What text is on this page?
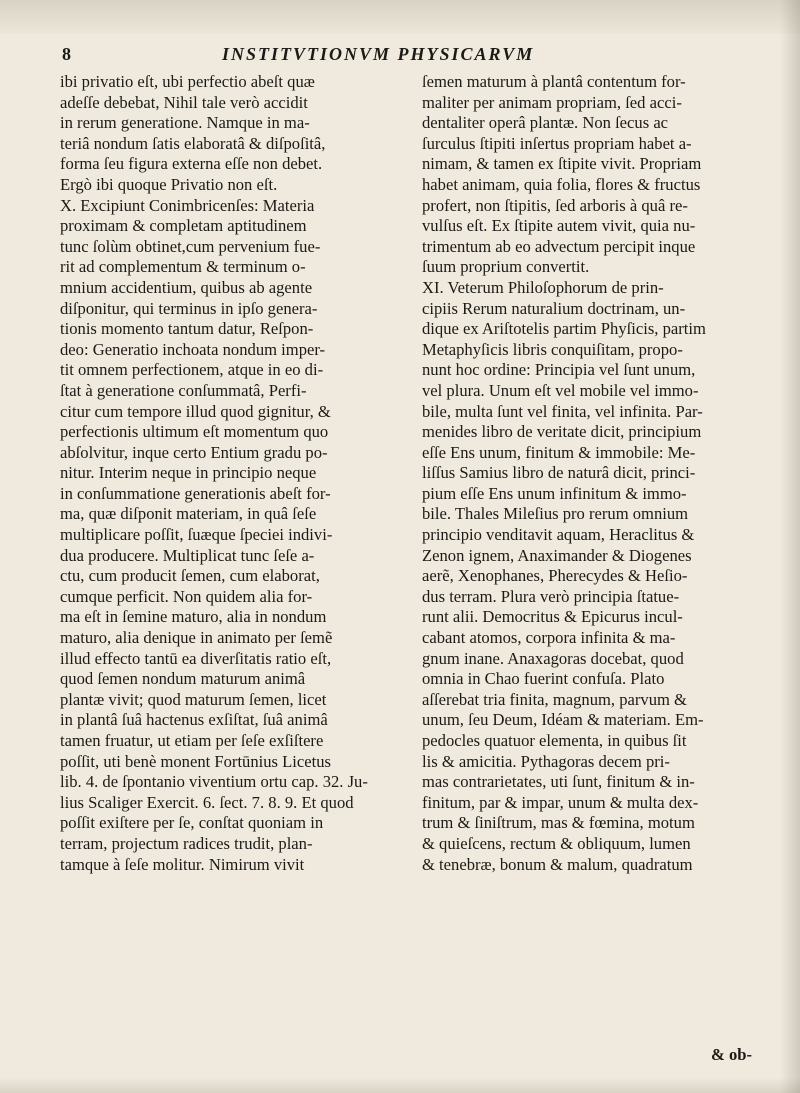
8	INSTITVTIONVM PHYSICARVM
ibi privatio eſt, ubi perfectio abeſt quæ
adeſſe debebat, Nihil tale verò accidit
in rerum generatione. Namque in ma-
teriâ nondum ſatis elaboratâ & diſpoſitâ,
forma ſeu figura externa eſſe non debet.
Ergò ibi quoque Privatio non eſt.
X. Excipiunt Conimbricenſes: Materia
proximam & completam aptitudinem
tunc ſolùm obtinet,cum pervenium fue-
rit ad complementum & terminum o-
mnium accidentium, quibus ab agente
diſponitur, qui terminus in ipſo genera-
tionis momento tantum datur, Reſpon-
deo: Generatio inchoata nondum imper-
tit omnem perfectionem, atque in eo di-
ſtat à generatione conſummatâ, Perfi-
citur cum tempore illud quod gignitur, &
perfectionis ultimum eſt momentum quo
abſolvitur, inque certo Entium gradu po-
nitur. Interim neque in principio neque
in conſummatione generationis abeſt for-
ma, quæ diſponit materiam, in quâ ſeſe
multiplicare poſſit, ſuæque ſpeciei indivi-
dua producere. Multiplicat tunc ſeſe a-
ctu, cum producit ſemen, cum elaborat,
cumque perficit. Non quidem alia for-
ma eſt in ſemine maturo, alia in nondum
maturo, alia denique in animato per ſemẽ
illud effecto tantū ea diverſitatis ratio eſt,
quod ſemen nondum maturum animâ
plantæ vivit; quod maturum ſemen, licet
in plantâ ſuâ hactenus exſiſtat, ſuâ animâ
tamen fruatur, ut etiam per ſeſe exſiſtere
poſſit, uti benè monent Fortūnius Licetus
lib. 4. de ſpontanio viventium ortu cap. 32. Ju-
lius Scaliger Exercit. 6. ſect. 7. 8. 9. Et quod
poſſit exiſtere per ſe, conſtat quoniam in
terram, projectum radices trudit, plan-
tamque à ſeſe molitur. Nimirum vivit
ſemen maturum à plantâ contentum for-
maliter per animam propriam, ſed acci-
dentaliter operâ plantæ. Non ſecus ac
ſurculus ſtipiti inſertus propriam habet a-
nimam, & tamen ex ſtipite vivit. Propriam
habet animam, quia folia, flores & fructus
profert, non ſtipitis, ſed arboris à quâ re-
vulſus eſt. Ex ſtipite autem vivit, quia nu-
trimentum ab eo advectum percipit inque
ſuum proprium convertit.
XI. Veterum Philoſophorum de prin-
cipiis Rerum naturalium doctrinam, un-
dique ex Ariſtotelis partim Phyſicis, partim
Metaphyſicis libris conquiſitam, propo-
nunt hoc ordine: Principia vel ſunt unum,
vel plura. Unum eſt vel mobile vel immo-
bile, multa ſunt vel finita, vel infinita. Par-
menides libro de veritate dicit, principium
eſſe Ens unum, finitum & immobile: Me-
liſſus Samius libro de naturâ dicit, princi-
pium eſſe Ens unum infinitum & immo-
bile. Thales Mileſius pro rerum omnium
principio venditavit aquam, Heraclitus &
Zenon ignem, Anaximander & Diogenes
aerẽ, Xenophanes, Pherecydes & Heſio-
dus terram. Plura verò principia ſtatue-
runt alii. Democritus & Epicurus incul-
cabant atomos, corpora infinita & ma-
gnum inane. Anaxagoras docebat, quod
omnia in Chao fuerint confuſa. Plato
aſſerebat tria finita, magnum, parvum &
unum, ſeu Deum, Idéam & materiam. Em-
pedocles quatuor elementa, in quibus ſit
lis & amicitia. Pythagoras decem pri-
mas contrarietates, uti ſunt, finitum & in-
finitum, par & impar, unum & multa dex-
trum & ſiniſtrum, mas & fœmina, motum
& quieſcens, rectum & obliquum, lumen
& tenebræ, bonum & malum, quadratum
& ob-
